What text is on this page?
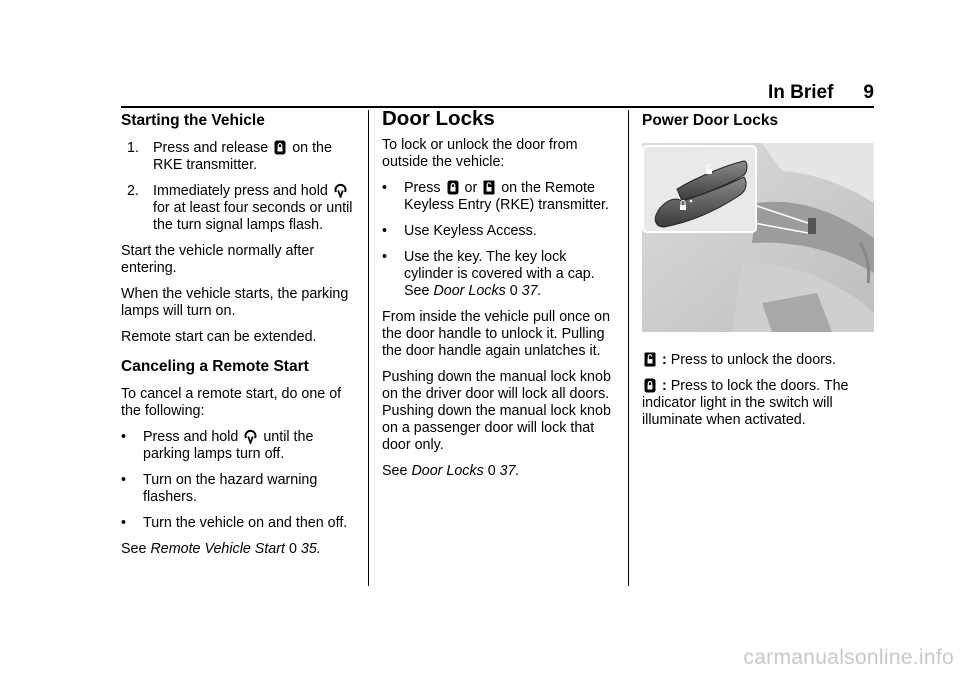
In Brief 9
Starting the Vehicle
1. Press and release on the RKE transmitter.
2. Immediately press and hold  for at least four seconds or until the turn signal lamps flash.

Start the vehicle normally after entering.

When the vehicle starts, the parking lamps will turn on.

Remote start can be extended.

Canceling a Remote Start

To cancel a remote start, do one of the following:

•	Press and hold until the parking lamps turn off.
•	Turn on the hazard warning flashers.
•	Turn the vehicle on and then off.

See Remote Vehicle Start 0 35.

Door Locks

To lock or unlock the door from outside the vehicle:

•	Press or on the Remote Keyless Entry (RKE) transmitter.
•	Use Keyless Access.
•	Use the key. The key lock cylinder is covered with a cap. See Door Locks 0 37.

From inside the vehicle pull once on the door handle to unlock it. Pulling the door handle again unlatches it.

Pushing down the manual lock knob on the driver door will lock all doors. Pushing down the manual lock knob on a passenger door will lock that door only.

See Door Locks 0 37.

Power Door Locks

: Press to unlock the doors.

: Press to lock the doors. The indicator light in the switch will illuminate when activated.

carmanualsonline.info
